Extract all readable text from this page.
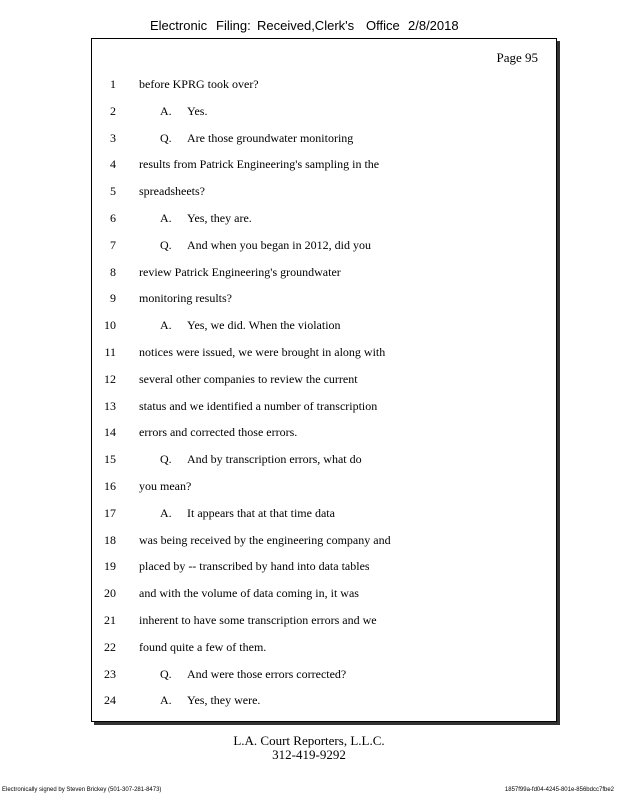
Electronic Filing: Received,Clerk's Office 2/8/2018
Page 95
1 before KPRG took over?
2	A. Yes.
3	Q. Are those groundwater monitoring
4 results from Patrick Engineering's sampling in the
5 spreadsheets?
6	A. Yes, they are.
7	Q. And when you began in 2012, did you
8 review Patrick Engineering's groundwater
9 monitoring results?
10	A. Yes, we did. When the violation
11 notices were issued, we were brought in along with
12 several other companies to review the current
13 status and we identified a number of transcription
14 errors and corrected those errors.
15	Q. And by transcription errors, what do
16 you mean?
17	A. It appears that at that time data
18 was being received by the engineering company and
19 placed by -- transcribed by hand into data tables
20 and with the volume of data coming in, it was
21 inherent to have some transcription errors and we
22 found quite a few of them.
23	Q. And were those errors corrected?
24	A. Yes, they were.
L.A. Court Reporters, L.L.C.
312-419-9292
Electronically signed by Steven Brickey (501-307-281-8473)	1857f99a-fd04-4245-801e-856bdcc7fbe2
